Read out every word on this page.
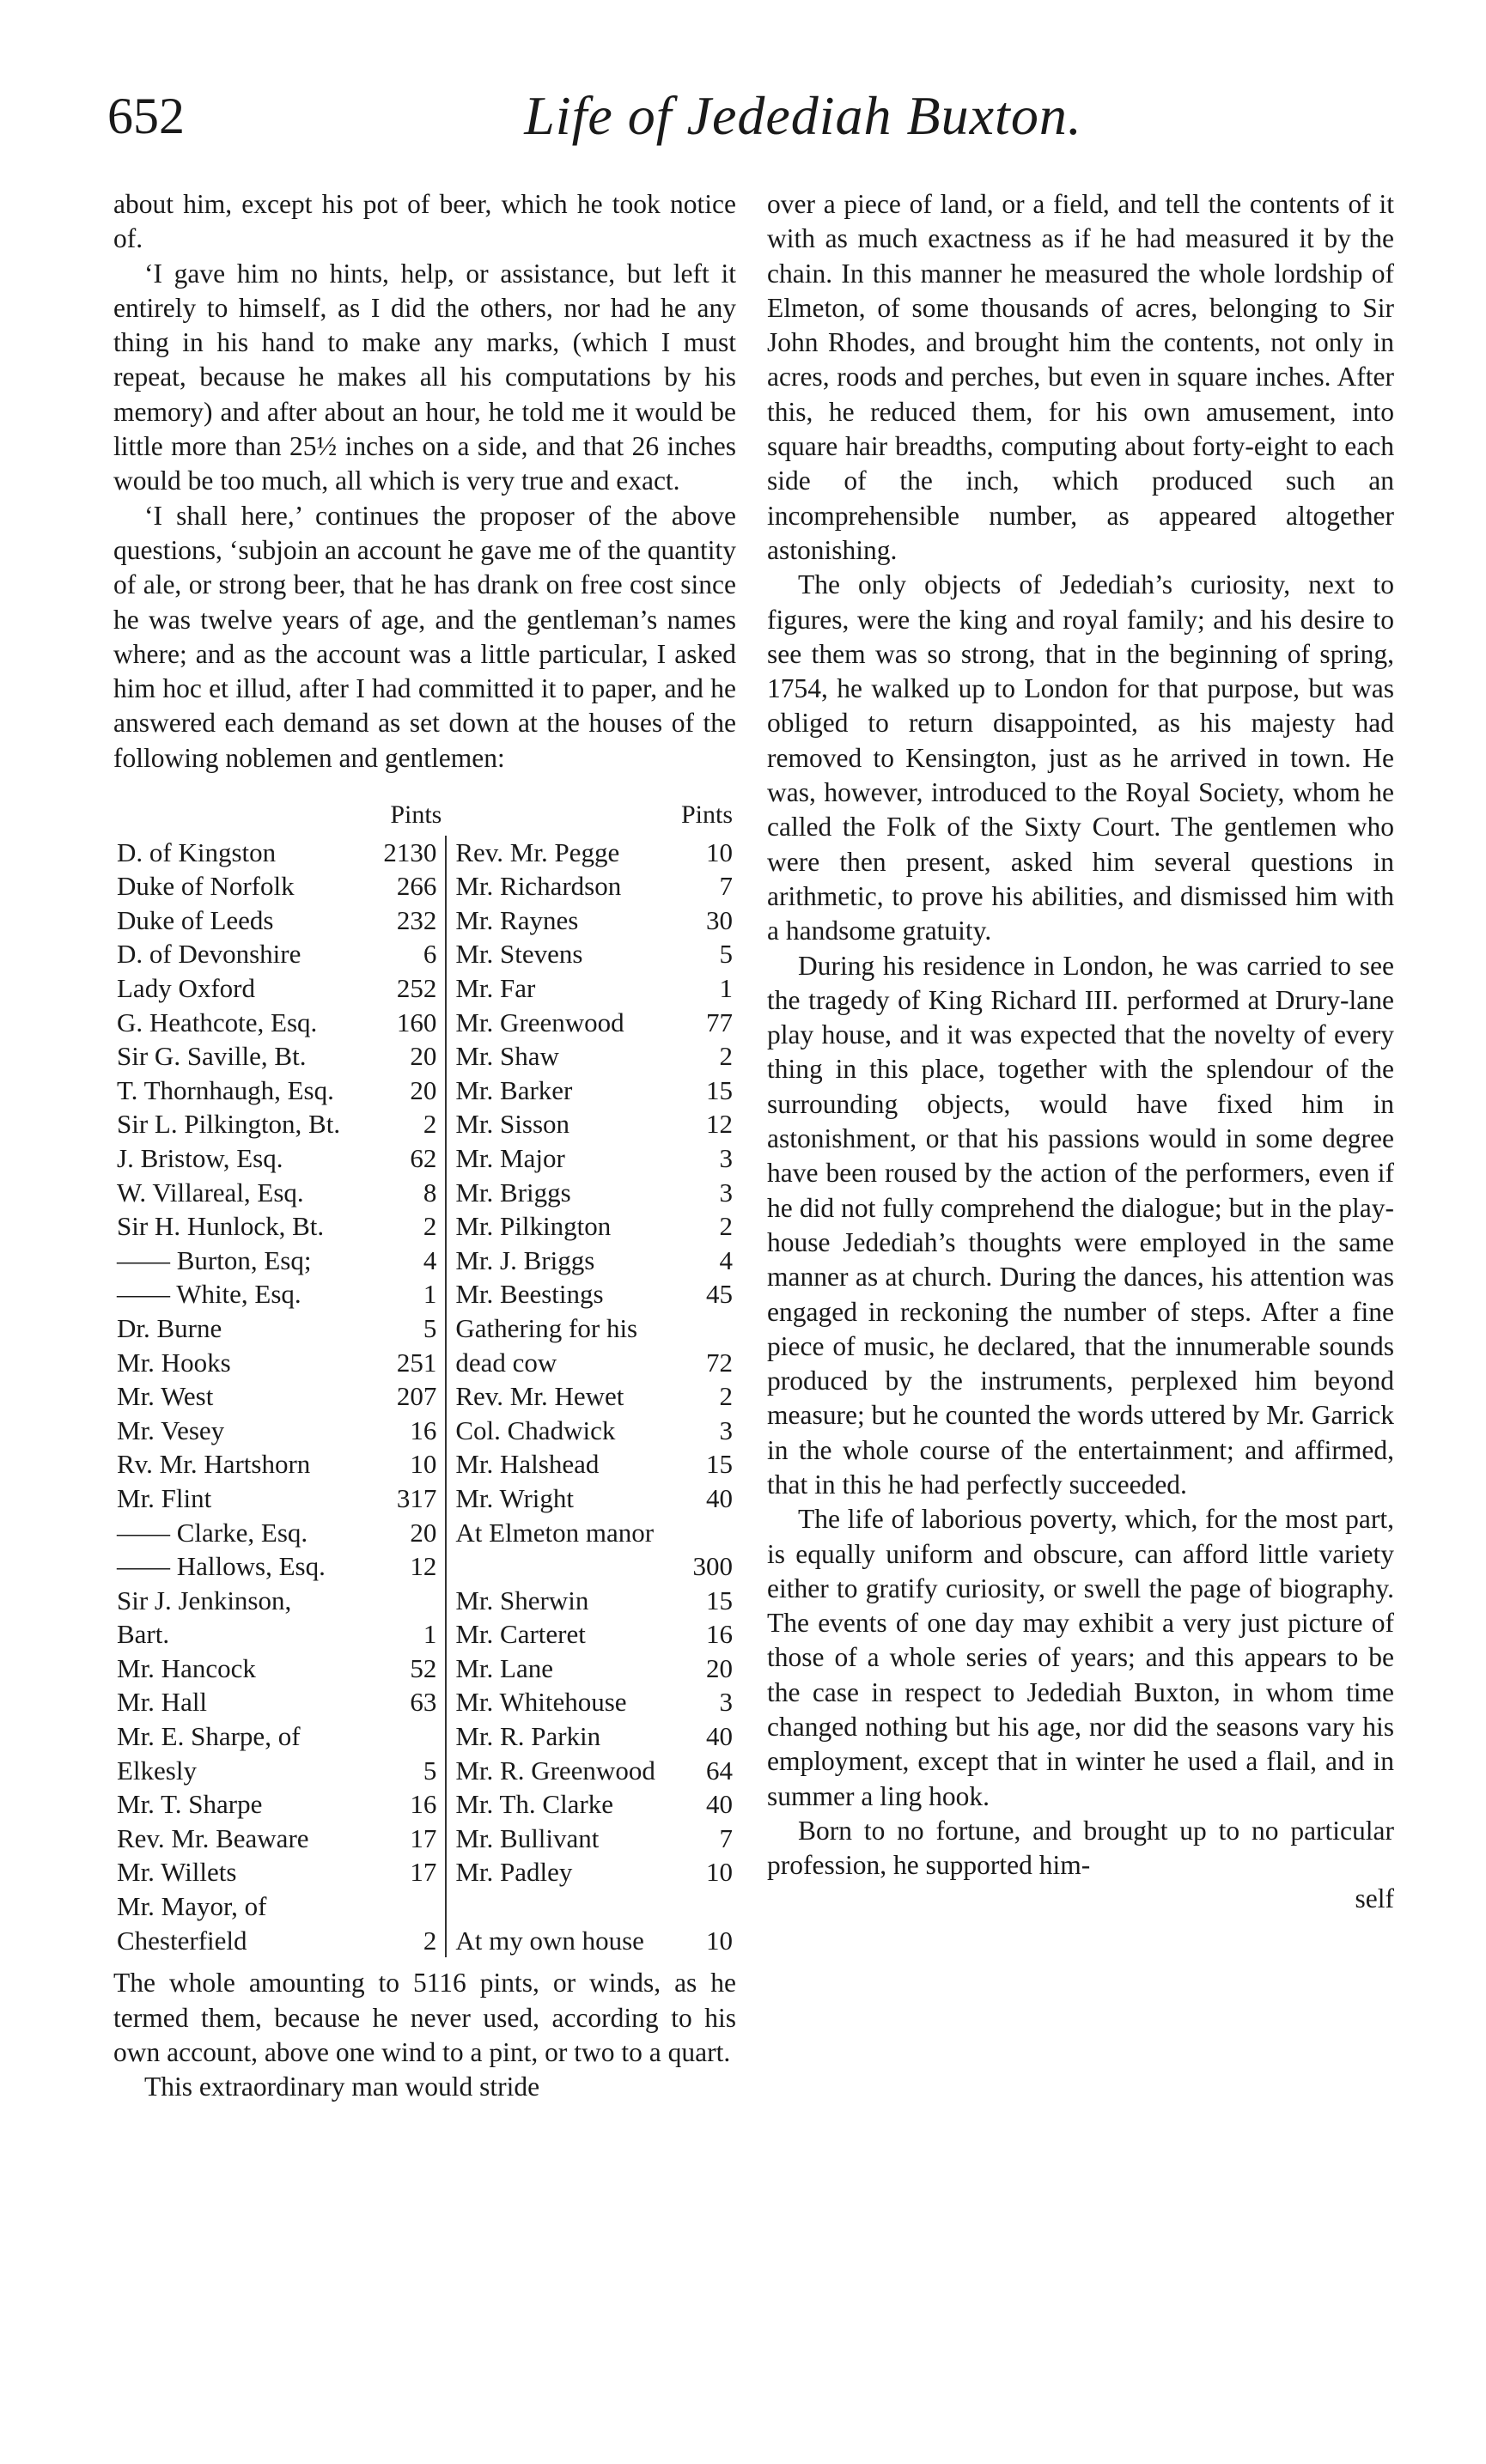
652	Life of Jedediah Buxton.

about him, except his pot of beer, which he took notice of.

‘I gave him no hints, help, or assistance, but left it entirely to himself, as I did the others, nor had he any thing in his hand to make any marks, (which I must repeat, because he makes all his computations by his memory) and after about an hour, he told me it would be little more than 25½ inches on a side, and that 26 inches would be too much, all which is very true and exact.

‘I shall here,’ continues the proposer of the above questions, ‘subjoin an account he gave me of the quantity of ale, or strong beer, that he has drank on free cost since he was twelve years of age, and the gentleman’s names where; and as the account was a little particular, I asked him hoc et illud, after I had committed it to paper, and he answered each demand as set down at the houses of the following noblemen and gentlemen:

Pints		Pints	
D. of Kingston	2130		Rev. Mr. Pegge	10
Duke of Norfolk	266		Mr. Richardson	7
Duke of Leeds	232		Mr. Raynes	30
D. of Devonshire	6		Mr. Stevens	5
Lady Oxford	252		Mr. Far	1
G. Heathcote, Esq.	160		Mr. Greenwood	77
Sir G. Saville, Bt.	20		Mr. Shaw	2
T. Thornhaugh, Esq.	20		Mr. Barker	15
Sir L. Pilkington, Bt.	2		Mr. Sisson	12
J. Bristow, Esq.	62		Mr. Major	3
W. Villareal, Esq.	8		Mr. Briggs	3
Sir H. Hunlock, Bt.	2		Mr. Pilkington	2
—— Burton, Esq;	4		Mr. J. Briggs	4
—— White, Esq.	1		Mr. Beestings	45
Dr. Burne	5		Gathering for his	
Mr. Hooks	251		dead cow	72
Mr. West	207		Rev. Mr. Hewet	2
Mr. Vesey	16		Col. Chadwick	3
Rv. Mr. Hartshorn	10		Mr. Halshead	15
Mr. Flint	317		Mr. Wright	40
—— Clarke, Esq.	20		At Elmeton manor	
—— Hallows, Esq.	12			300
Sir J. Jenkinson,			Mr. Sherwin	15
Bart.	1		Mr. Carteret	16
Mr. Hancock	52		Mr. Lane	20
Mr. Hall	63		Mr. Whitehouse	3
Mr. E. Sharpe, of			Mr. R. Parkin	40
Elkesly	5		Mr. R. Greenwood	64
Mr. T. Sharpe	16		Mr. Th. Clarke	40
Rev. Mr. Beaware	17		Mr. Bullivant	7
Mr. Willets	17		Mr. Padley	10
Mr. Mayor, of				
Chesterfield	2		At my own house	10

The whole amounting to 5116 pints, or winds, as he termed them, because he never used, according to his own account, above one wind to a pint, or two to a quart.

This extraordinary man would stride

over a piece of land, or a field, and tell the contents of it with as much exactness as if he had measured it by the chain. In this manner he measured the whole lordship of Elmeton, of some thousands of acres, belonging to Sir John Rhodes, and brought him the contents, not only in acres, roods and perches, but even in square inches. After this, he reduced them, for his own amusement, into square hair breadths, computing about forty-eight to each side of the inch, which produced such an incomprehensible number, as appeared altogether astonishing.

The only objects of Jedediah’s curiosity, next to figures, were the king and royal family; and his desire to see them was so strong, that in the beginning of spring, 1754, he walked up to London for that purpose, but was obliged to return disappointed, as his majesty had removed to Kensington, just as he arrived in town. He was, however, introduced to the Royal Society, whom he called the Folk of the Sixty Court. The gentlemen who were then present, asked him several questions in arithmetic, to prove his abilities, and dismissed him with a handsome gratuity.

During his residence in London, he was carried to see the tragedy of King Richard III. performed at Drury-lane play house, and it was expected that the novelty of every thing in this place, together with the splendour of the surrounding objects, would have fixed him in astonishment, or that his passions would in some degree have been roused by the action of the performers, even if he did not fully comprehend the dialogue; but in the play-house Jedediah’s thoughts were employed in the same manner as at church. During the dances, his attention was engaged in reckoning the number of steps. After a fine piece of music, he declared, that the innumerable sounds produced by the instruments, perplexed him beyond measure; but he counted the words uttered by Mr. Garrick in the whole course of the entertainment; and affirmed, that in this he had perfectly succeeded.

The life of laborious poverty, which, for the most part, is equally uniform and obscure, can afford little variety either to gratify curiosity, or swell the page of biography. The events of one day may exhibit a very just picture of those of a whole series of years; and this appears to be the case in respect to Jedediah Buxton, in whom time changed nothing but his age, nor did the seasons vary his employment, except that in winter he used a flail, and in summer a ling hook.

Born to no fortune, and brought up to no particular profession, he supported him-

self
